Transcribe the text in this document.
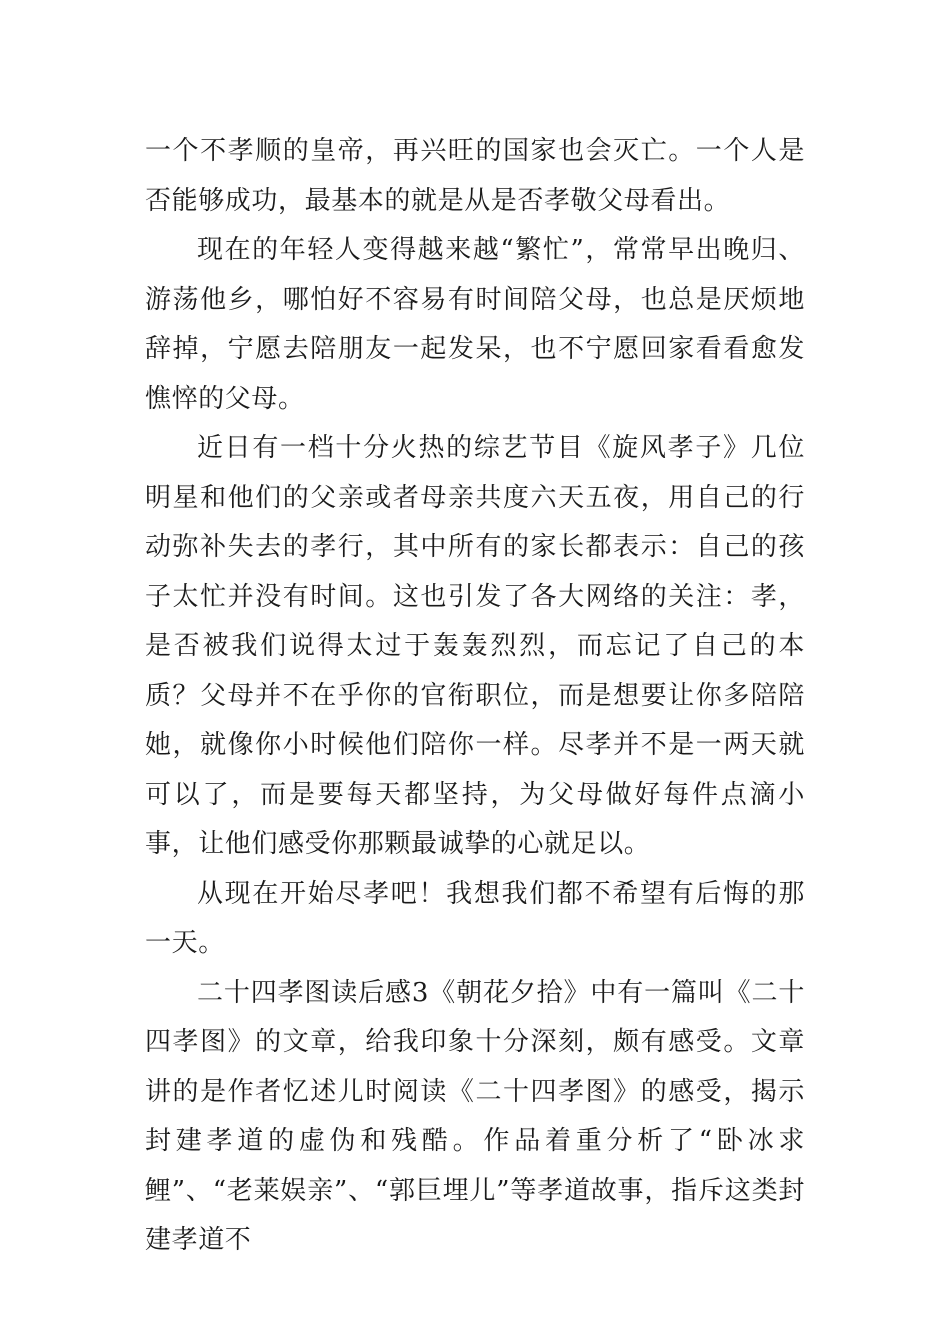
一个不孝顺的皇帝，再兴旺的国家也会灭亡。一个人是否能够成功，最基本的就是从是否孝敬父母看出。

现在的年轻人变得越来越“繁忙”，常常早出晚归、游荡他乡，哪怕好不容易有时间陪父母，也总是厌烦地辞掉，宁愿去陪朋友一起发呆，也不宁愿回家看看愈发憔悴的父母。

近日有一档十分火热的综艺节目《旋风孝子》几位明星和他们的父亲或者母亲共度六天五夜，用自己的行动弥补失去的孝行，其中所有的家长都表示：自己的孩子太忙并没有时间。这也引发了各大网络的关注：孝，是否被我们说得太过于轰轰烈烈，而忘记了自己的本质？父母并不在乎你的官衔职位，而是想要让你多陪陪她，就像你小时候他们陪你一样。尽孝并不是一两天就可以了，而是要每天都坚持，为父母做好每件点滴小事，让他们感受你那颗最诚挚的心就足以。

从现在开始尽孝吧！我想我们都不希望有后悔的那一天。

二十四孝图读后感3《朝花夕拾》中有一篇叫《二十四孝图》的文章，给我印象十分深刻，颇有感受。文章讲的是作者忆述儿时阅读《二十四孝图》的感受，揭示封建孝道的虚伪和残酷。作品着重分析了“卧冰求鲤”、“老莱娱亲”、“郭巨埋儿”等孝道故事，指斥这类封建孝道不
